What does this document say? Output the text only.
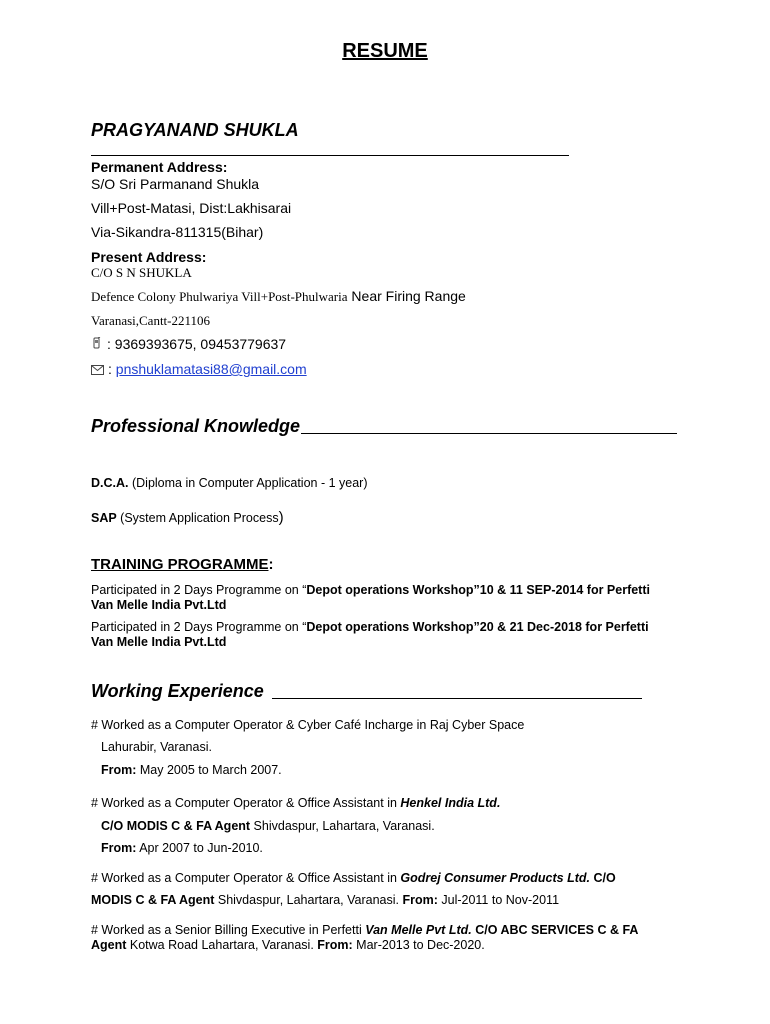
RESUME
PRAGYANAND SHUKLA
Permanent Address:
S/O Sri Parmanand Shukla
Vill+Post-Matasi, Dist:Lakhisarai
Via-Sikandra-811315(Bihar)
Present Address:
C/O S N SHUKLA
Defence Colony Phulwariya Vill+Post-Phulwaria Near Firing Range
Varanasi,Cantt-221106
: 9369393675, 09453779637
: pnshuklamatasi88@gmail.com
Professional Knowledge
D.C.A. (Diploma in Computer Application - 1 year)
SAP (System Application Process)
TRAINING PROGRAMME:
Participated in 2 Days Programme on “Depot operations Workshop”10 & 11 SEP-2014 for Perfetti
Van Melle India Pvt.Ltd
Participated in 2 Days Programme on “Depot operations Workshop”20 & 21 Dec-2018 for Perfetti
Van Melle India Pvt.Ltd
Working Experience
# Worked as a Computer Operator & Cyber Café Incharge in Raj Cyber Space
Lahurabir, Varanasi.
From: May 2005 to March 2007.
# Worked as a Computer Operator & Office Assistant in Henkel India Ltd.
C/O MODIS C & FA Agent Shivdaspur, Lahartara, Varanasi.
From: Apr 2007 to Jun-2010.
# Worked as a Computer Operator & Office Assistant in Godrej Consumer Products Ltd. C/O
MODIS C & FA Agent Shivdaspur, Lahartara, Varanasi. From: Jul-2011 to Nov-2011
# Worked as a Senior Billing Executive in Perfetti Van Melle Pvt Ltd. C/O ABC SERVICES C & FA
Agent Kotwa Road Lahartara, Varanasi. From: Mar-2013 to Dec-2020.
